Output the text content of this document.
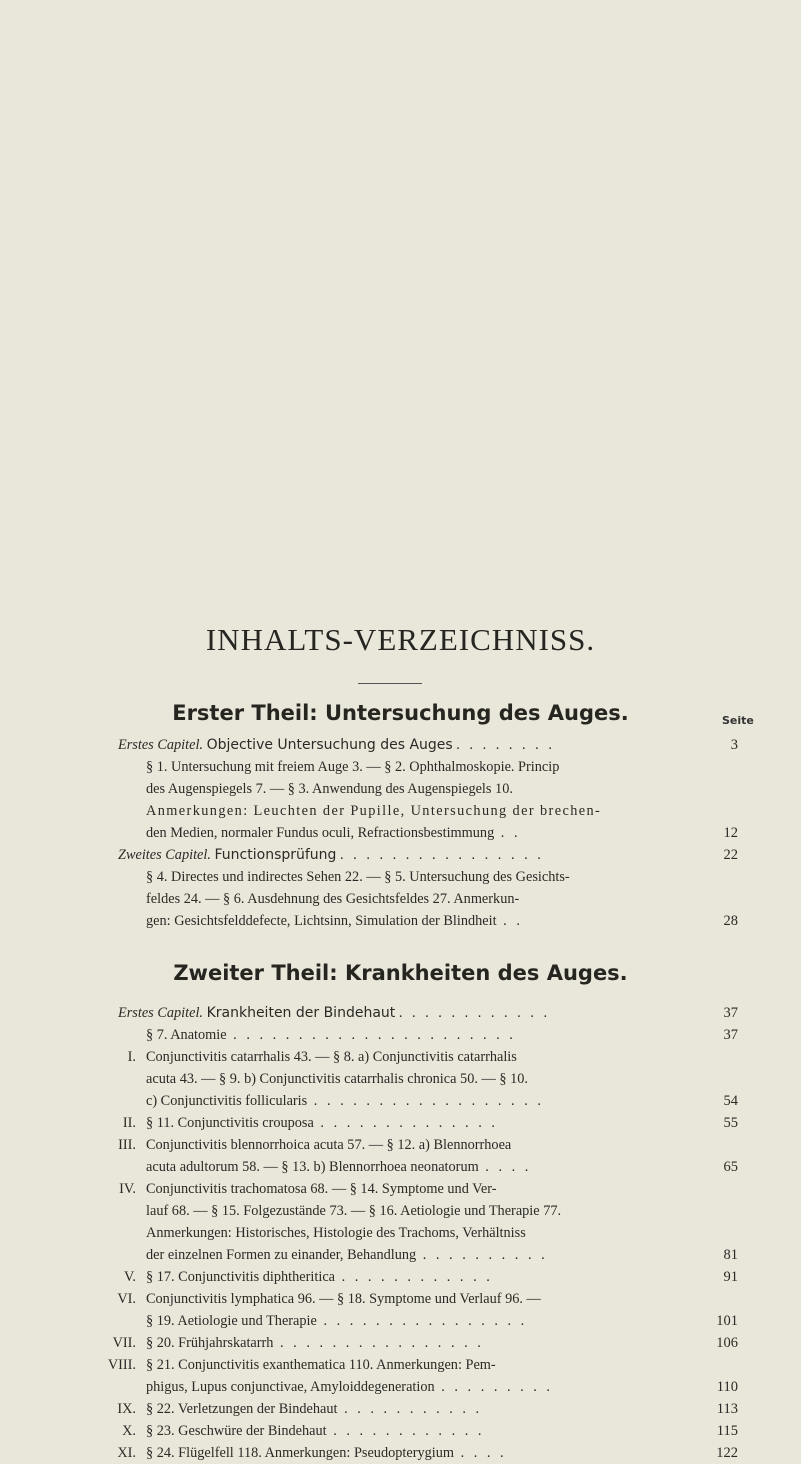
INHALTS-VERZEICHNISS.
Erster Theil: Untersuchung des Auges.	Seite
Erstes Capitel. Objective Untersuchung des Auges . . . . . . . .	3
§ 1. Untersuchung mit freiem Auge 3. — § 2. Ophthalmoskopie. Princip
des Augenspiegels 7. — § 3. Anwendung des Augenspiegels 10.
Anmerkungen: Leuchten der Pupille, Untersuchung der brechen-
den Medien, normaler Fundus oculi, Refractionsbestimmung . .	12
Zweites Capitel. Functionsprüfung . . . . . . . . . . . . . . . .	22
§ 4. Directes und indirectes Sehen 22. — § 5. Untersuchung des Gesichts-
feldes 24. — § 6. Ausdehnung des Gesichtsfeldes 27. Anmerkun-
gen: Gesichtsfelddefecte, Lichtsinn, Simulation der Blindheit . .	28
Zweiter Theil: Krankheiten des Auges.
Erstes Capitel. Krankheiten der Bindehaut . . . . . . . . . . . .	37
§ 7. Anatomie . . . . . . . . . . . . . . . . . . . . . .	37
I. Conjunctivitis catarrhalis 43. — § 8. a) Conjunctivitis catarrhalis
acuta 43. — § 9. b) Conjunctivitis catarrhalis chronica 50. — § 10.
c) Conjunctivitis follicularis . . . . . . . . . . . . . . . . . .	54
II. § 11. Conjunctivitis crouposa . . . . . . . . . . . . . .	55
III. Conjunctivitis blennorrhoica acuta 57. — § 12. a) Blennorrhoea
acuta adultorum 58. — § 13. b) Blennorrhoea neonatorum . . . .	65
IV. Conjunctivitis trachomatosa 68. — § 14. Symptome und Ver-
lauf 68. — § 15. Folgezustände 73. — § 16. Aetiologie und Therapie 77.
Anmerkungen: Historisches, Histologie des Trachoms, Verhältniss
der einzelnen Formen zu einander, Behandlung . . . . . . . . . .	81
V. § 17. Conjunctivitis diphtheritica . . . . . . . . . . . .	91
VI. Conjunctivitis lymphatica 96. — § 18. Symptome und Verlauf 96. —
§ 19. Aetiologie und Therapie . . . . . . . . . . . . . . . .	101
VII. § 20. Frühjahrskatarrh . . . . . . . . . . . . . . . .	106
VIII. § 21. Conjunctivitis exanthematica 110. Anmerkungen: Pem-
phigus, Lupus conjunctivae, Amyloiddegeneration . . . . . . . . .	110
IX. § 22. Verletzungen der Bindehaut . . . . . . . . . . .	113
X. § 23. Geschwüre der Bindehaut . . . . . . . . . . . .	115
XI. § 24. Flügelfell 118. Anmerkungen: Pseudopterygium . . . .	122
